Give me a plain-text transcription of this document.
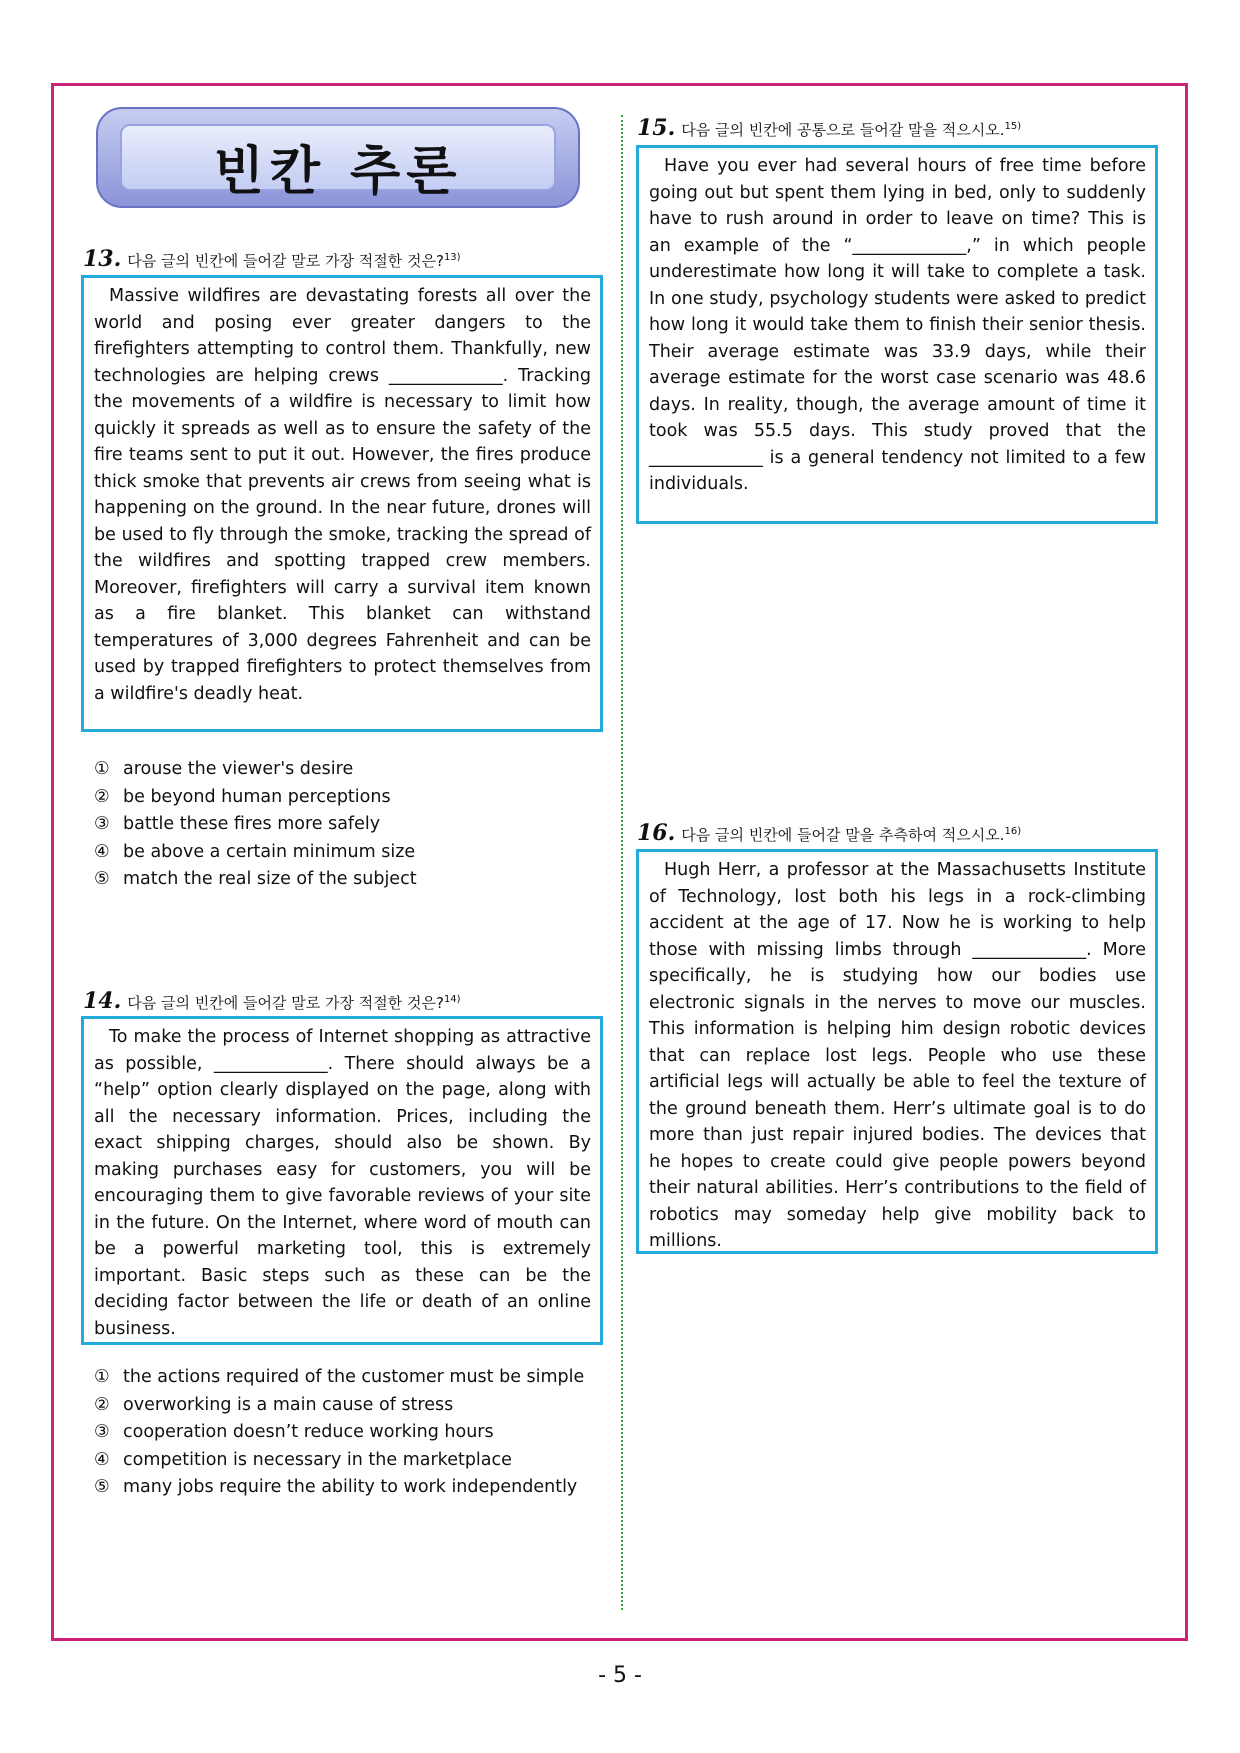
빈칸 추론
13. 다음 글의 빈칸에 들어갈 말로 가장 적절한 것은?$^{13)}$

Massive wildfires are devastating forests all over the world and posing ever greater dangers to the firefighters attempting to control them. Thankfully, new technologies are helping crews _____________. Tracking the movements of a wildfire is necessary to limit how quickly it spreads as well as to ensure the safety of the fire teams sent to put it out. However, the fires produce thick smoke that prevents air crews from seeing what is happening on the ground. In the near future, drones will be used to fly through the smoke, tracking the spread of the wildfires and spotting trapped crew members. Moreover, firefighters will carry a survival item known as a fire blanket. This blanket can withstand temperatures of 3,000 degrees Fahrenheit and can be used by trapped firefighters to protect themselves from a wildfire's deadly heat.

① arouse the viewer's desire
② be beyond human perceptions
③ battle these fires more safely
④ be above a certain minimum size
⑤ match the real size of the subject
14. 다음 글의 빈칸에 들어갈 말로 가장 적절한 것은?$^{14)}$

To make the process of Internet shopping as attractive as possible, _____________. There should always be a “help” option clearly displayed on the page, along with all the necessary information. Prices, including the exact shipping charges, should also be shown. By making purchases easy for customers, you will be encouraging them to give favorable reviews of your site in the future. On the Internet, where word of mouth can be a powerful marketing tool, this is extremely important. Basic steps such as these can be the deciding factor between the life or death of an online business.

① the actions required of the customer must be simple
② overworking is a main cause of stress
③ cooperation doesn’t reduce working hours
④ competition is necessary in the marketplace
⑤ many jobs require the ability to work independently
15. 다음 글의 빈칸에 공통으로 들어갈 말을 적으시오.$^{15)}$

Have you ever had several hours of free time before going out but spent them lying in bed, only to suddenly have to rush around in order to leave on time? This is an example of the “_____________,” in which people underestimate how long it will take to complete a task. In one study, psychology students were asked to predict how long it would take them to finish their senior thesis. Their average estimate was 33.9 days, while their average estimate for the worst case scenario was 48.6 days. In reality, though, the average amount of time it took was 55.5 days. This study proved that the _____________ is a general tendency not limited to a few individuals.

16. 다음 글의 빈칸에 들어갈 말을 추측하여 적으시오.$^{16)}$

Hugh Herr, a professor at the Massachusetts Institute of Technology, lost both his legs in a rock-climbing accident at the age of 17. Now he is working to help those with missing limbs through _____________. More specifically, he is studying how our bodies use electronic signals in the nerves to move our muscles. This information is helping him design robotic devices that can replace lost legs. People who use these artificial legs will actually be able to feel the texture of the ground beneath them. Herr’s ultimate goal is to do more than just repair injured bodies. The devices that he hopes to create could give people powers beyond their natural abilities. Herr’s contributions to the field of robotics may someday help give mobility back to millions.

- 5 -
